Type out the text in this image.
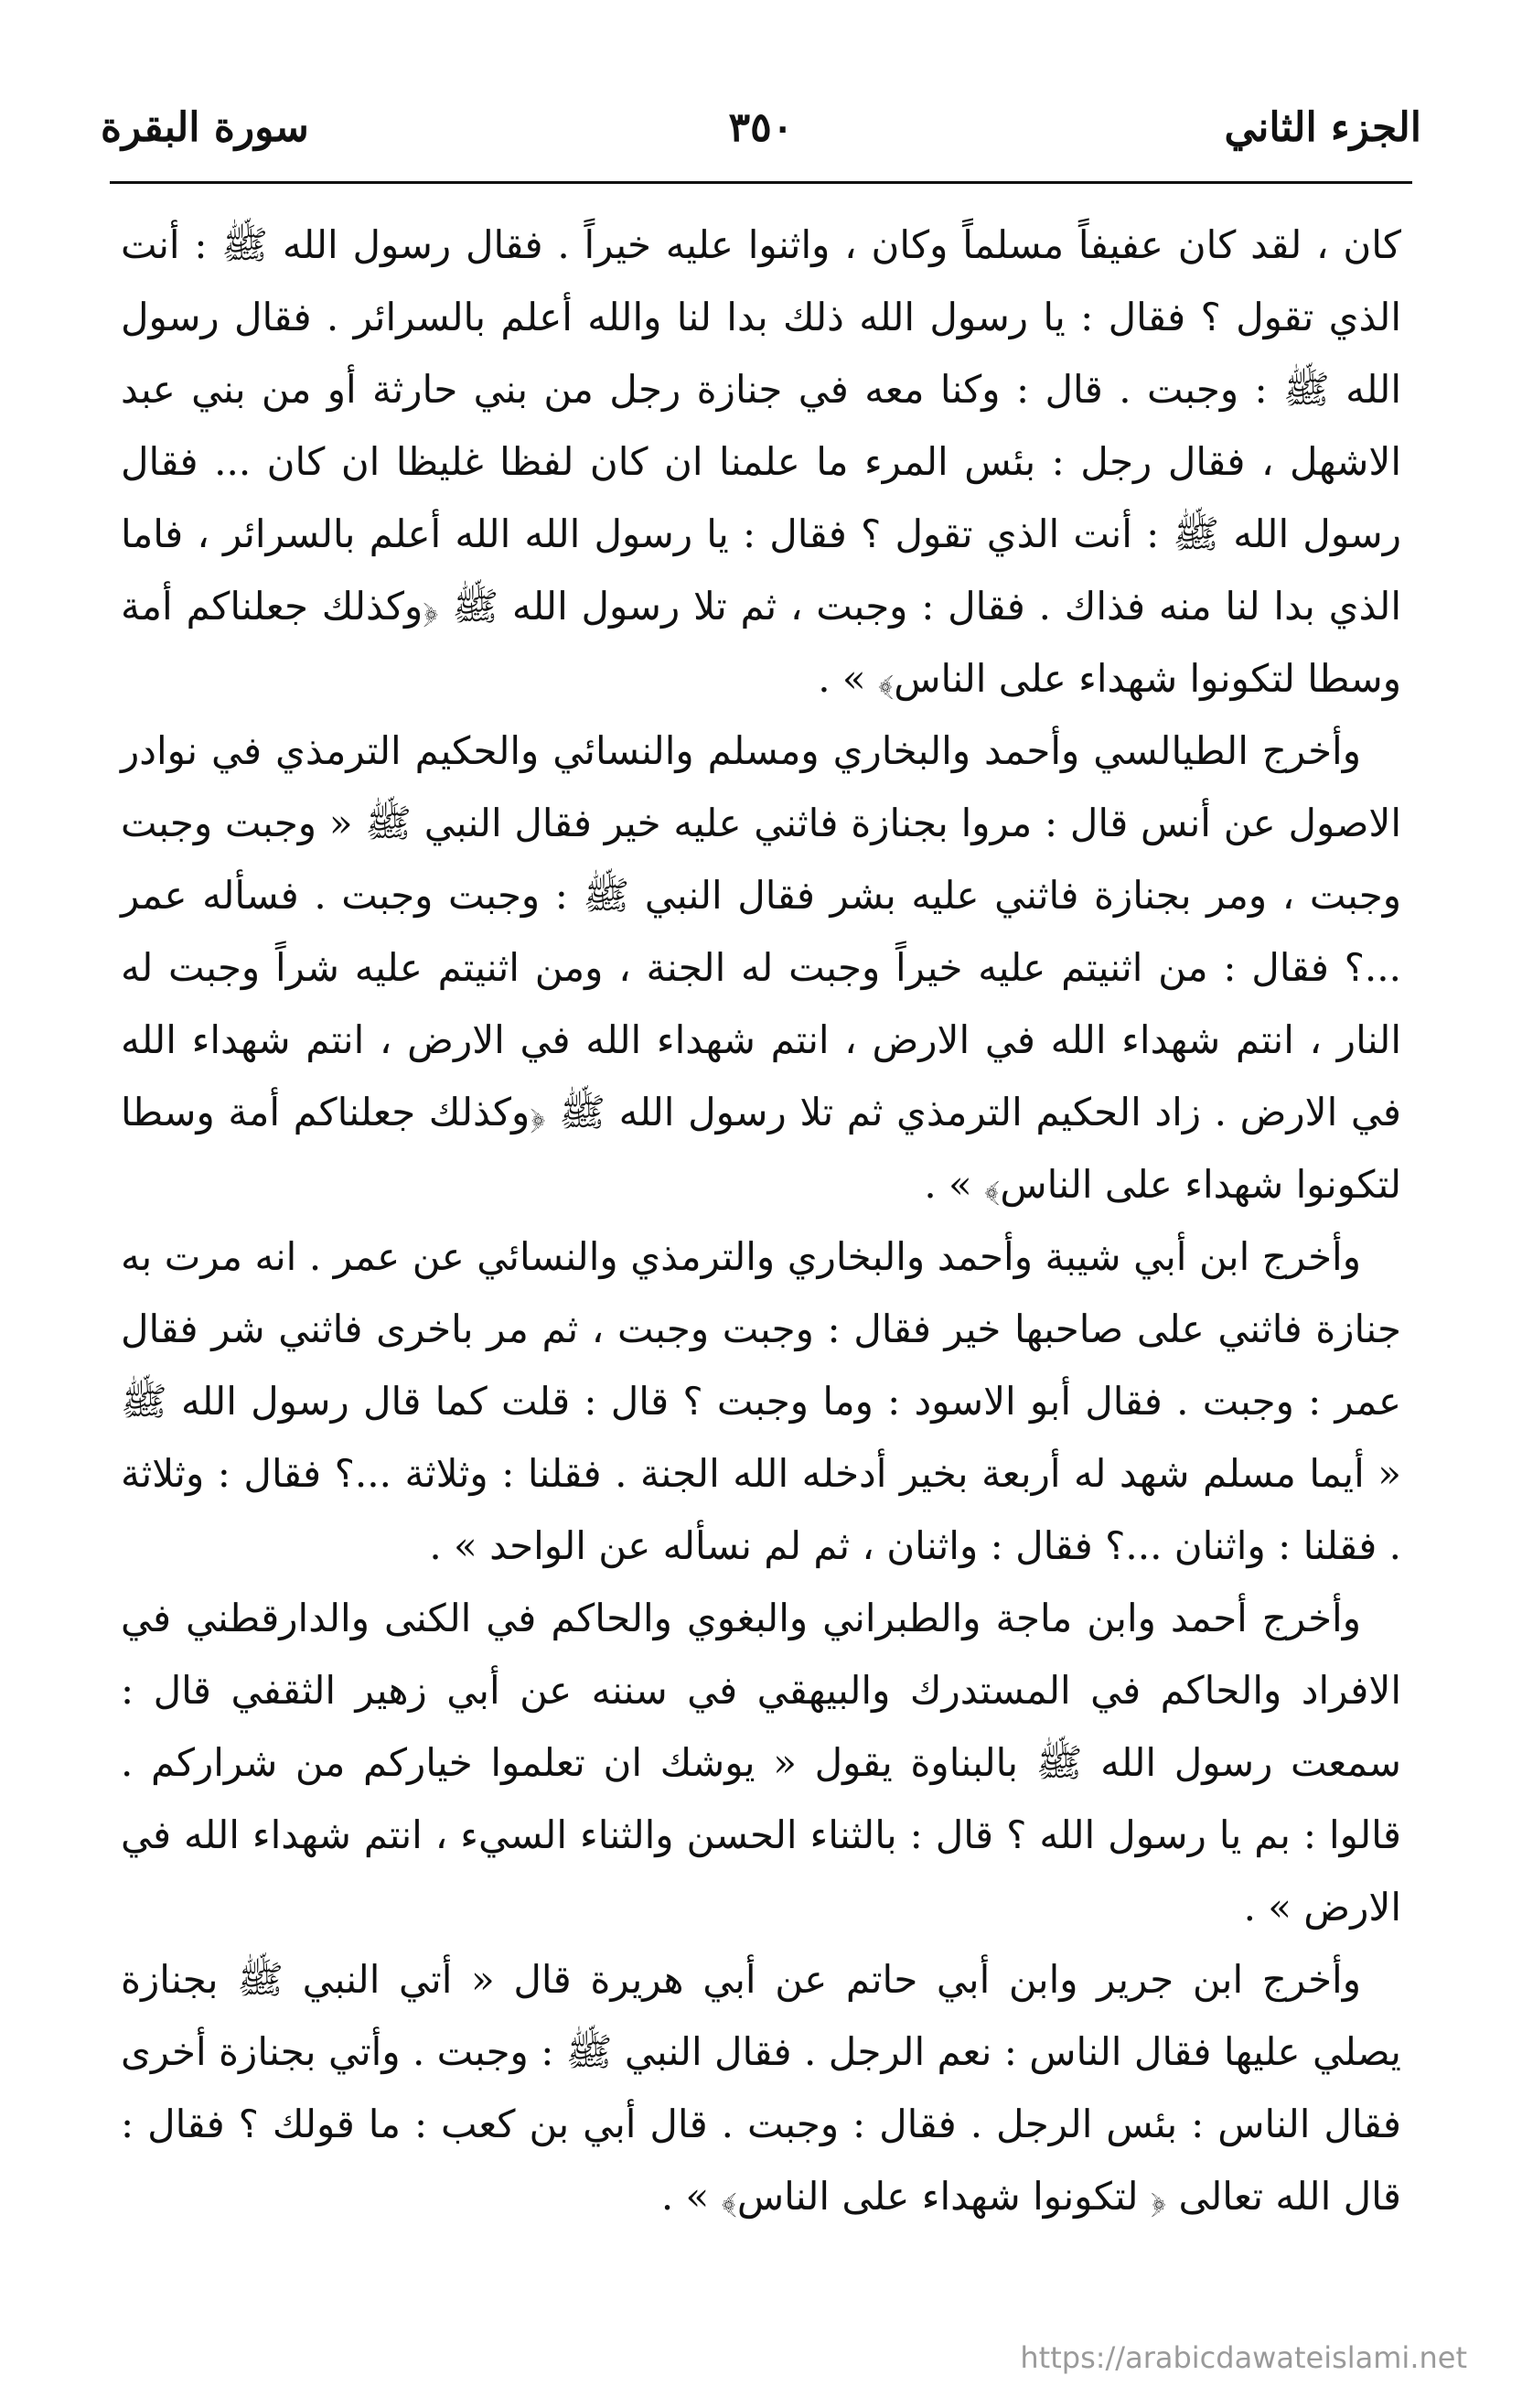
الجزء الثاني
٣٥٠
سورة البقرة

كان ، لقد كان عفيفاً مسلماً وكان ، واثنوا عليه خيراً . فقال رسول الله ﷺ : أنت الذي تقول ؟ فقال : يا رسول الله ذلك بدا لنا والله أعلم بالسرائر . فقال رسول الله ﷺ : وجبت . قال : وكنا معه في جنازة رجل من بني حارثة أو من بني عبد الاشهل ، فقال رجل : بئس المرء ما علمنا ان كان لفظا غليظا ان كان ... فقال رسول الله ﷺ : أنت الذي تقول ؟ فقال : يا رسول الله الله أعلم بالسرائر ، فاما الذي بدا لنا منه فذاك . فقال : وجبت ، ثم تلا رسول الله ﷺ ﴿وكذلك جعلناكم أمة وسطا لتكونوا شهداء على الناس﴾ » .

وأخرج الطيالسي وأحمد والبخاري ومسلم والنسائي والحكيم الترمذي في نوادر الاصول عن أنس قال : مروا بجنازة فاثني عليه خير فقال النبي ﷺ « وجبت وجبت وجبت ، ومر بجنازة فاثني عليه بشر فقال النبي ﷺ : وجبت وجبت . فسأله عمر ...؟ فقال : من اثنيتم عليه خيراً وجبت له الجنة ، ومن اثنيتم عليه شراً وجبت له النار ، انتم شهداء الله في الارض ، انتم شهداء الله في الارض ، انتم شهداء الله في الارض . زاد الحكيم الترمذي ثم تلا رسول الله ﷺ ﴿وكذلك جعلناكم أمة وسطا لتكونوا شهداء على الناس﴾ » .

وأخرج ابن أبي شيبة وأحمد والبخاري والترمذي والنسائي عن عمر . انه مرت به جنازة فاثني على صاحبها خير فقال : وجبت وجبت ، ثم مر باخرى فاثني شر فقال عمر : وجبت . فقال أبو الاسود : وما وجبت ؟ قال : قلت كما قال رسول الله ﷺ « أيما مسلم شهد له أربعة بخير أدخله الله الجنة . فقلنا : وثلاثة ...؟ فقال : وثلاثة . فقلنا : واثنان ...؟ فقال : واثنان ، ثم لم نسأله عن الواحد » .

وأخرج أحمد وابن ماجة والطبراني والبغوي والحاكم في الكنى والدارقطني في الافراد والحاكم في المستدرك والبيهقي في سننه عن أبي زهير الثقفي قال : سمعت رسول الله ﷺ بالبناوة يقول « يوشك ان تعلموا خياركم من شراركم . قالوا : بم يا رسول الله ؟ قال : بالثناء الحسن والثناء السيء ، انتم شهداء الله في الارض » .

وأخرج ابن جرير وابن أبي حاتم عن أبي هريرة قال « أتي النبي ﷺ بجنازة يصلي عليها فقال الناس : نعم الرجل . فقال النبي ﷺ : وجبت . وأتي بجنازة أخرى فقال الناس : بئس الرجل . فقال : وجبت . قال أبي بن كعب : ما قولك ؟ فقال : قال الله تعالى ﴿ لتكونوا شهداء على الناس﴾ » .

https://arabicdawateislami.net
